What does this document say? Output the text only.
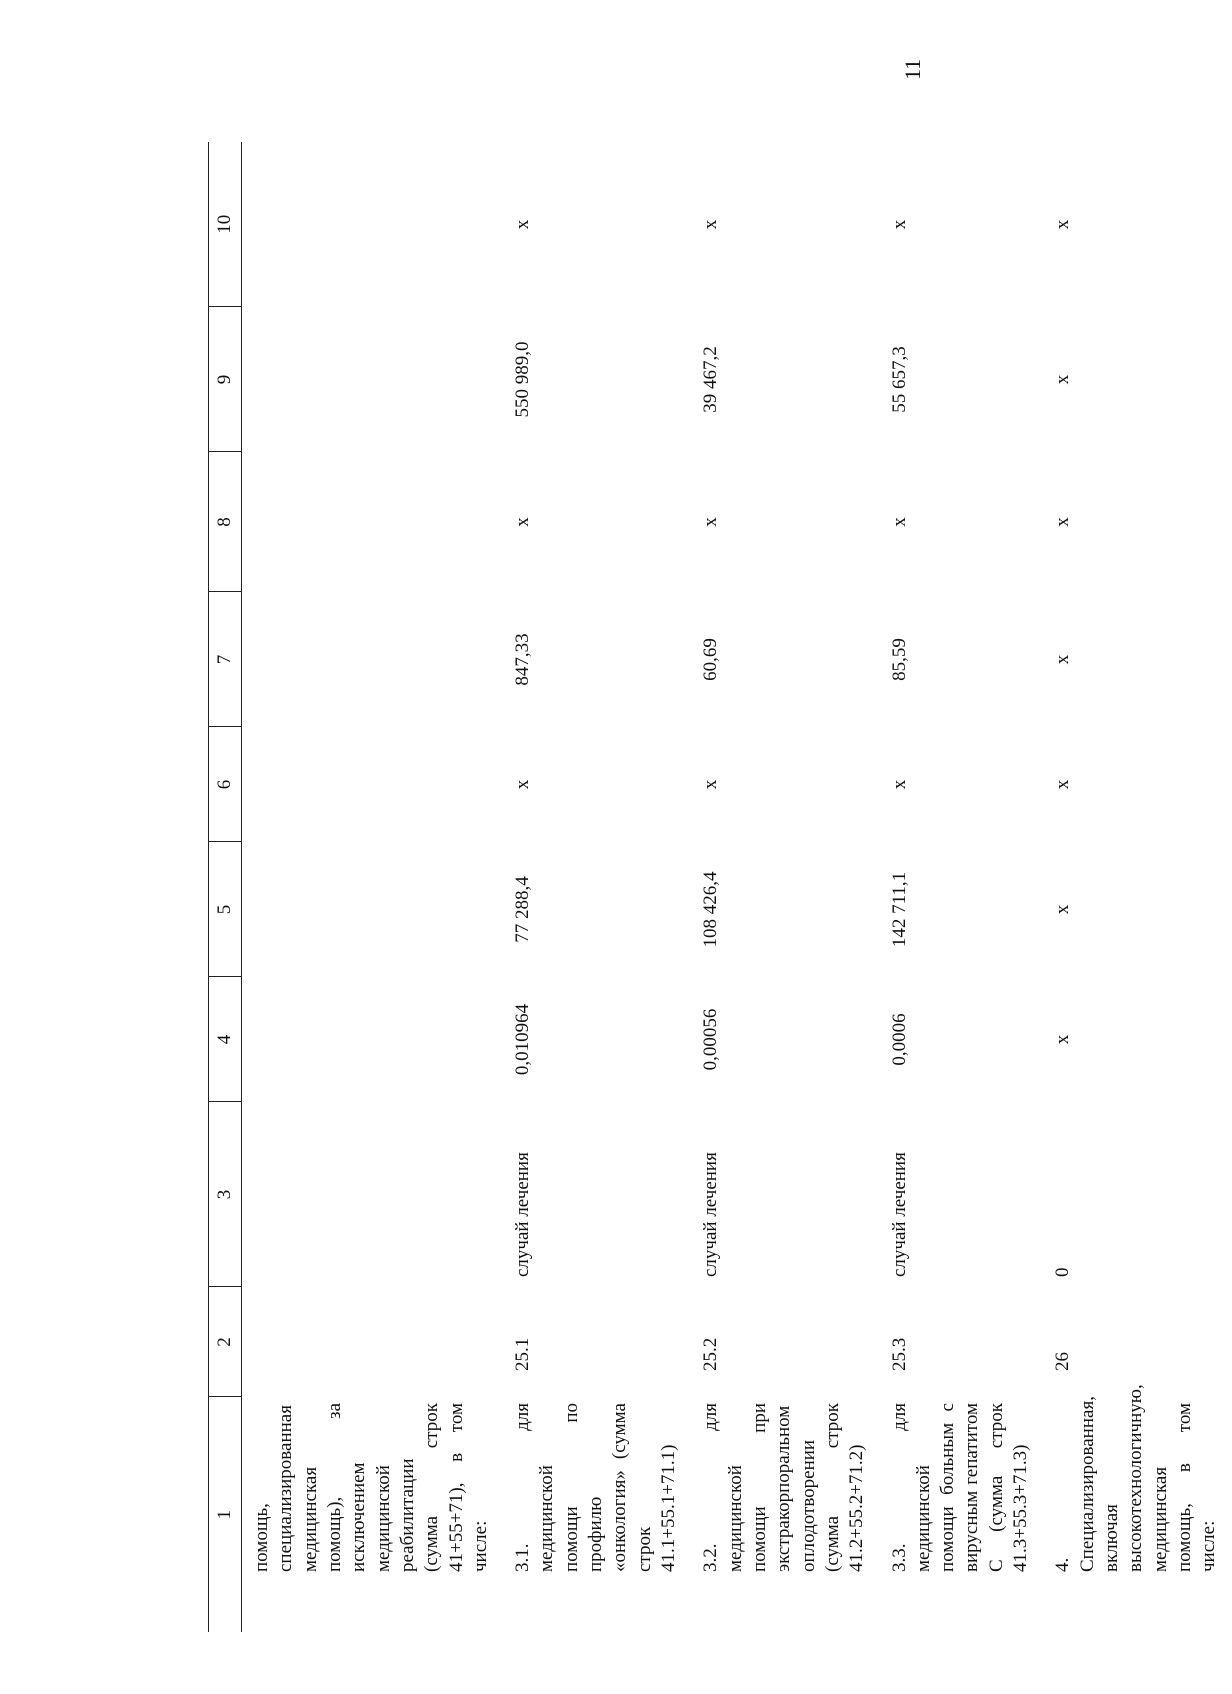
11
1	2	3	4	5	6	7	8	9	10
помощь, специализированная медицинская помощь), за исключением медицинской реабилитации (сумма строк 41+55+71), в том числе:									
3.1. для медицинской помощи по профилю «онкология» (сумма строк 41.1+55.1+71.1)	25.1	случай лечения	0,010964	77 288,4	x	847,33	x	550 989,0	x
3.2. для медицинской помощи при экстракорпоральном оплодотворении (сумма строк 41.2+55.2+71.2)	25.2	случай лечения	0,00056	108 426,4	x	60,69	x	39 467,2	x
3.3. для медицинской помощи больным с вирусным гепатитом С (сумма строк 41.3+55.3+71.3)	25.3	случай лечения	0,0006	142 711,1	x	85,59	x	55 657,3	x
4. Специализированная, включая высокотехнологичную, медицинская помощь, в том числе:	26	0	x	x	x	x	x	x	x
